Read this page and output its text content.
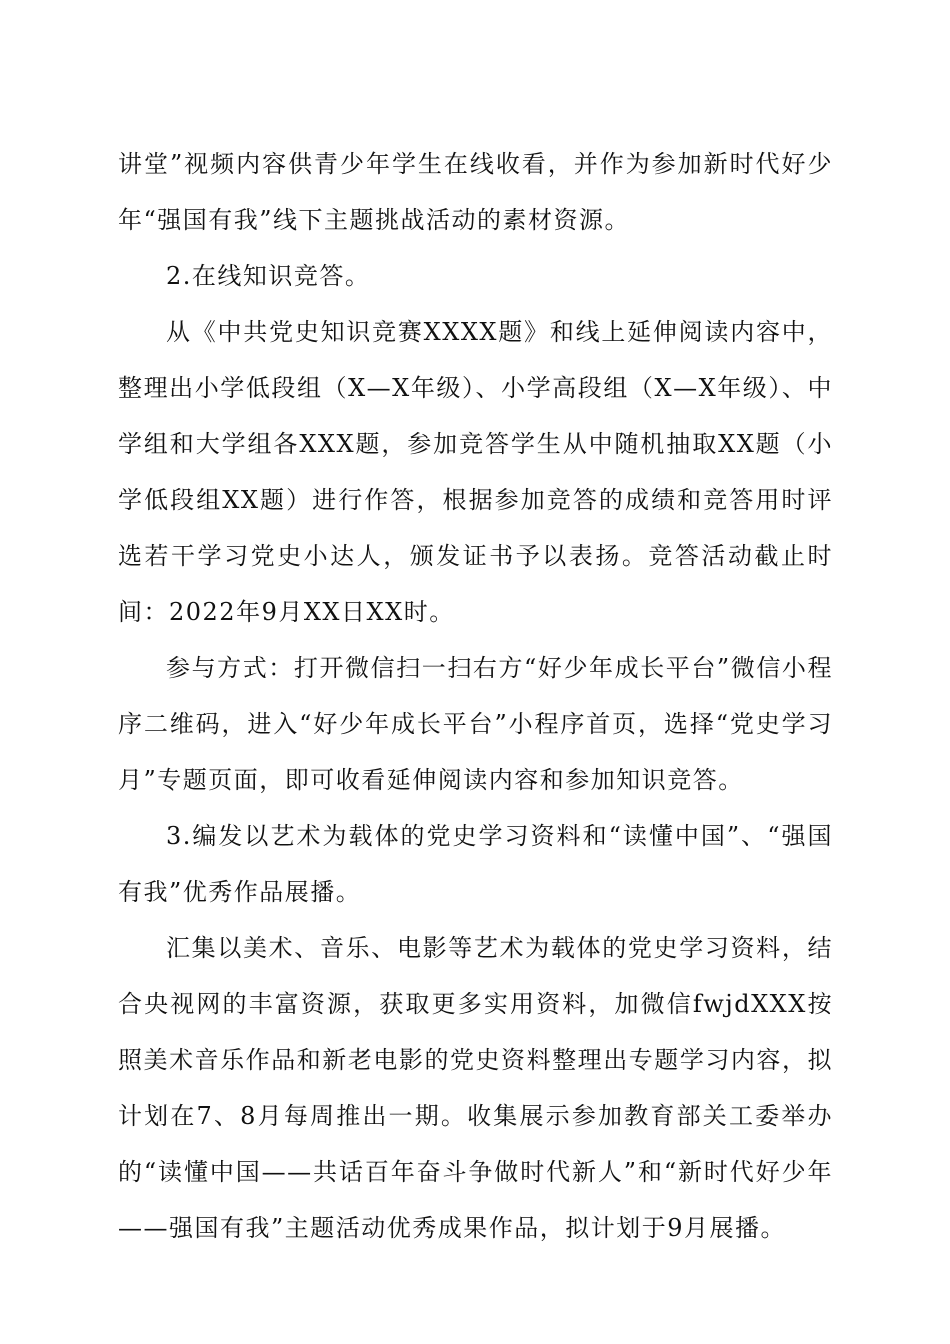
讲堂”视频内容供青少年学生在线收看，并作为参加新时代好少年“强国有我”线下主题挑战活动的素材资源。

2.在线知识竞答。

从《中共党史知识竞赛XXXX题》和线上延伸阅读内容中，整理出小学低段组（X—X年级）、小学高段组（X—X年级）、中学组和大学组各XXX题，参加竞答学生从中随机抽取XX题（小学低段组XX题）进行作答，根据参加竞答的成绩和竞答用时评选若干学习党史小达人，颁发证书予以表扬。竞答活动截止时间：2022年9月XX日XX时。

参与方式：打开微信扫一扫右方“好少年成长平台”微信小程序二维码，进入“好少年成长平台”小程序首页，选择“党史学习月”专题页面，即可收看延伸阅读内容和参加知识竞答。

3.编发以艺术为载体的党史学习资料和“读懂中国”、“强国有我”优秀作品展播。

汇集以美术、音乐、电影等艺术为载体的党史学习资料，结合央视网的丰富资源，获取更多实用资料，加微信fwjdXXX按照美术音乐作品和新老电影的党史资料整理出专题学习内容，拟计划在7、8月每周推出一期。收集展示参加教育部关工委举办的“读懂中国——共话百年奋斗争做时代新人”和“新时代好少年——强国有我”主题活动优秀成果作品，拟计划于9月展播。
